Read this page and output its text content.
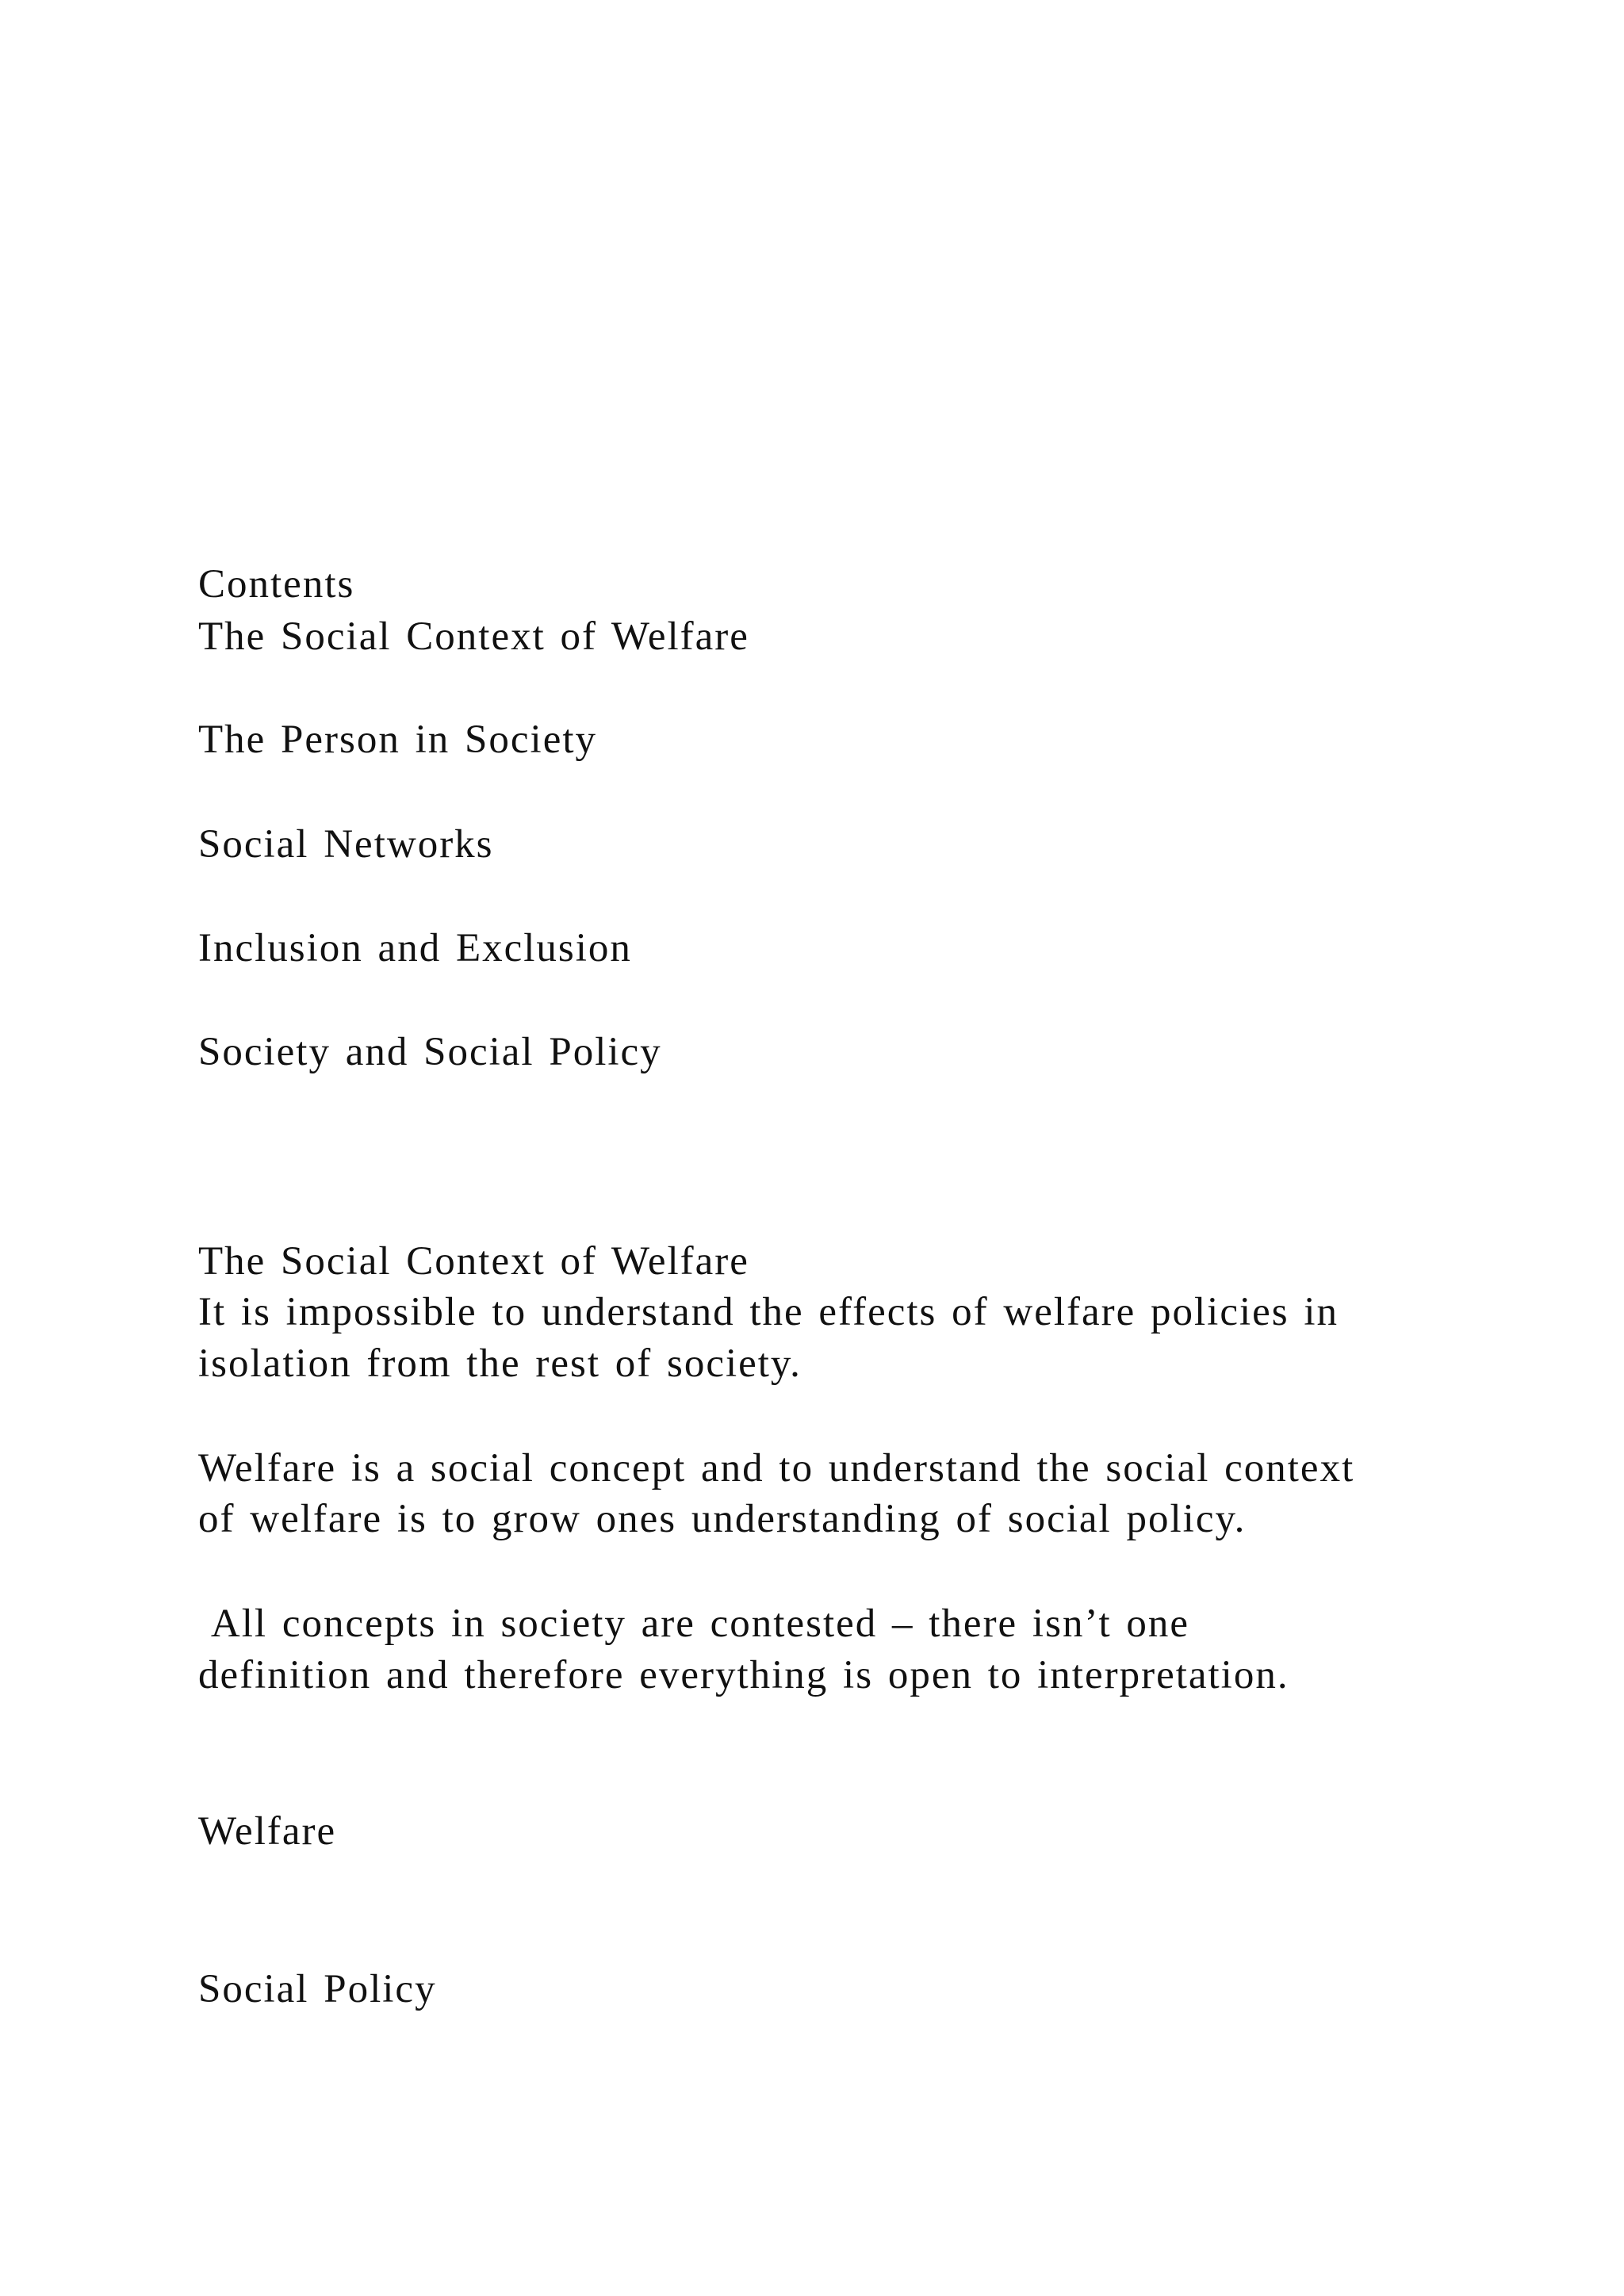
Contents

The Social Context of Welfare

The Person in Society

Social Networks

Inclusion and Exclusion

Society and Social Policy

The Social Context of Welfare

It is impossible to understand the effects of welfare policies in

isolation from the rest of society.

Welfare is a social concept and to understand the social context

of welfare is to grow ones understanding of social policy.

All concepts in society are contested – there isn’t one

definition and therefore everything is open to interpretation.

Welfare

Social Policy
